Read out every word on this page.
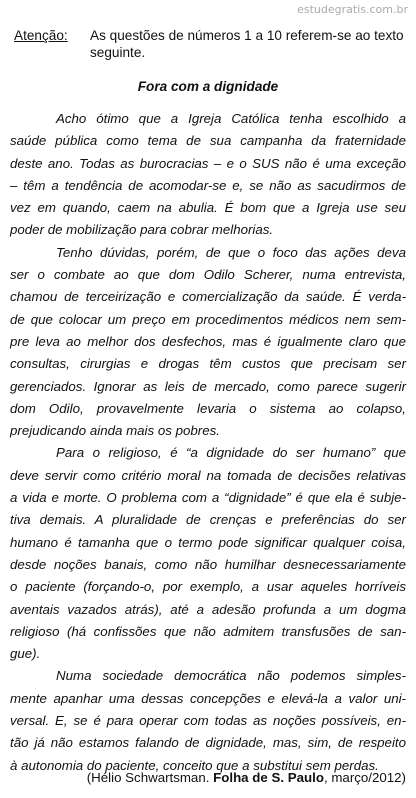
estudegratis.com.br
Atenção: As questões de números 1 a 10 referem-se ao texto seguinte.
Fora com a dignidade
Acho ótimo que a Igreja Católica tenha escolhido a
saúde pública como tema de sua campanha da fraternidade
deste ano. Todas as burocracias – e o SUS não é uma exceção
– têm a tendência de acomodar-se e, se não as sacudirmos de
vez em quando, caem na abulia. É bom que a Igreja use seu
poder de mobilização para cobrar melhorias.
Tenho dúvidas, porém, de que o foco das ações deva
ser o combate ao que dom Odilo Scherer, numa entrevista,
chamou de terceirização e comercialização da saúde. É verda-
de que colocar um preço em procedimentos médicos nem sem-
pre leva ao melhor dos desfechos, mas é igualmente claro que
consultas, cirurgias e drogas têm custos que precisam ser
gerenciados. Ignorar as leis de mercado, como parece sugerir
dom Odilo, provavelmente levaria o sistema ao colapso,
prejudicando ainda mais os pobres.
Para o religioso, é “a dignidade do ser humano” que
deve servir como critério moral na tomada de decisões relativas
a vida e morte. O problema com a “dignidade” é que ela é subje-
tiva demais. A pluralidade de crenças e preferências do ser
humano é tamanha que o termo pode significar qualquer coisa,
desde noções banais, como não humilhar desnecessariamente
o paciente (forçando-o, por exemplo, a usar aqueles horríveis
aventais vazados atrás), até a adesão profunda a um dogma
religioso (há confissões que não admitem transfusões de san-
gue).
Numa sociedade democrática não podemos simples-
mente apanhar uma dessas concepções e elevá-la a valor uni-
versal. E, se é para operar com todas as noções possíveis, en-
tão já não estamos falando de dignidade, mas, sim, de respeito
à autonomia do paciente, conceito que a substitui sem perdas.
(Hélio Schwartsman. Folha de S. Paulo, março/2012)
